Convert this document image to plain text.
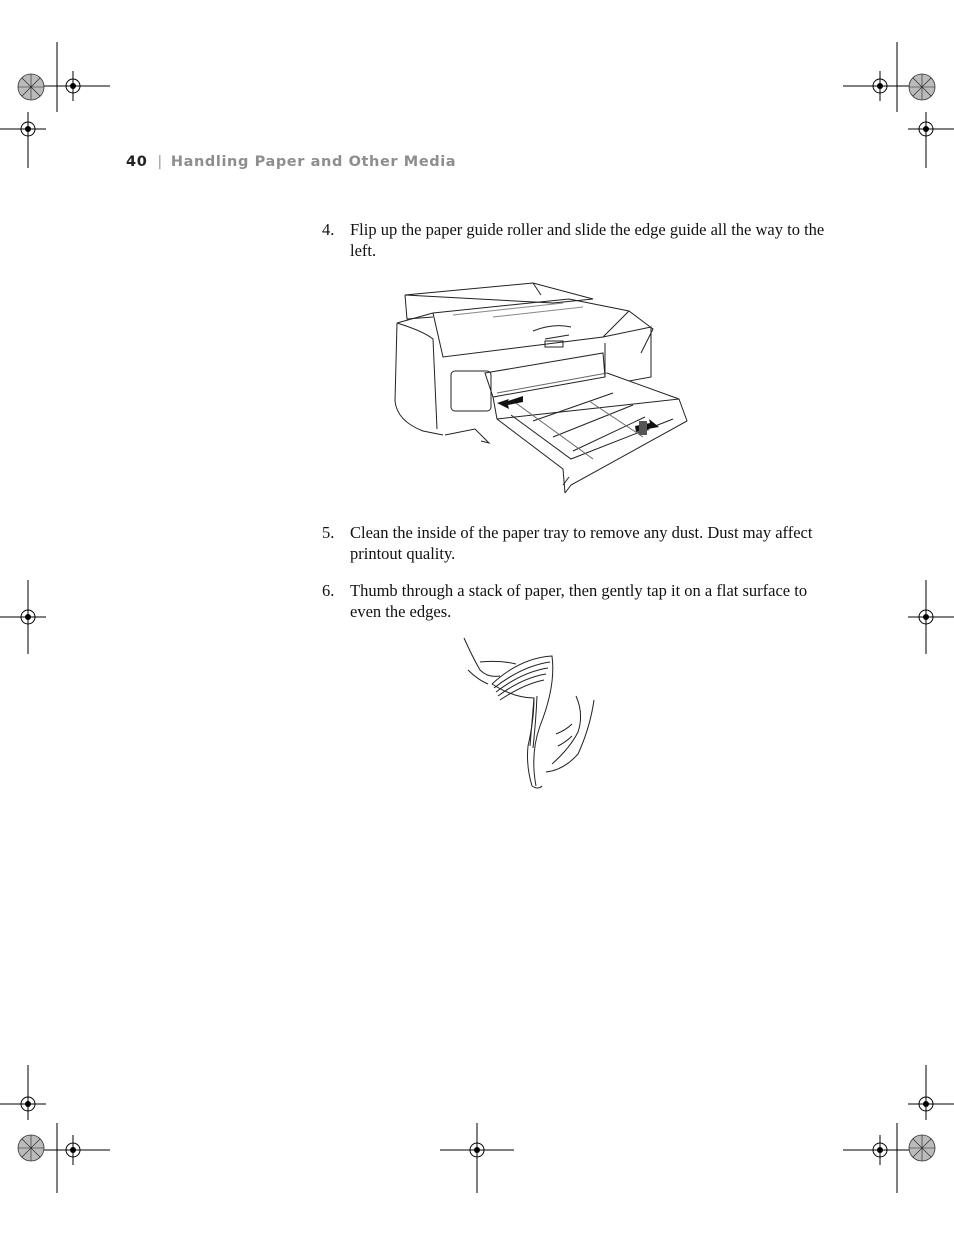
40 | Handling Paper and Other Media
4. Flip up the paper guide roller and slide the edge guide all the way to the left.
5. Clean the inside of the paper tray to remove any dust. Dust may affect printout quality.
6. Thumb through a stack of paper, then gently tap it on a flat surface to even the edges.
